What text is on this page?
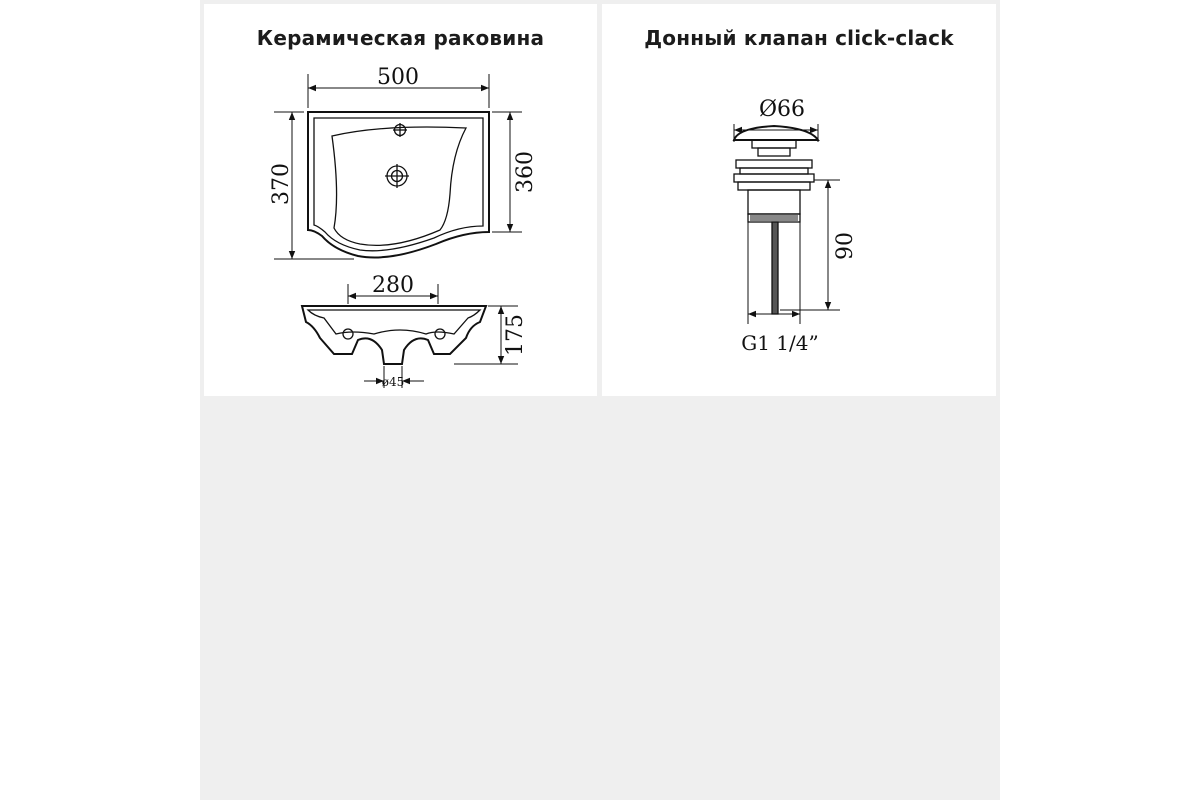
Керамическая раковина
500
370	360
280
175
ø45
Донный клапан click-clack
Ø66
90
G1 1/4”
